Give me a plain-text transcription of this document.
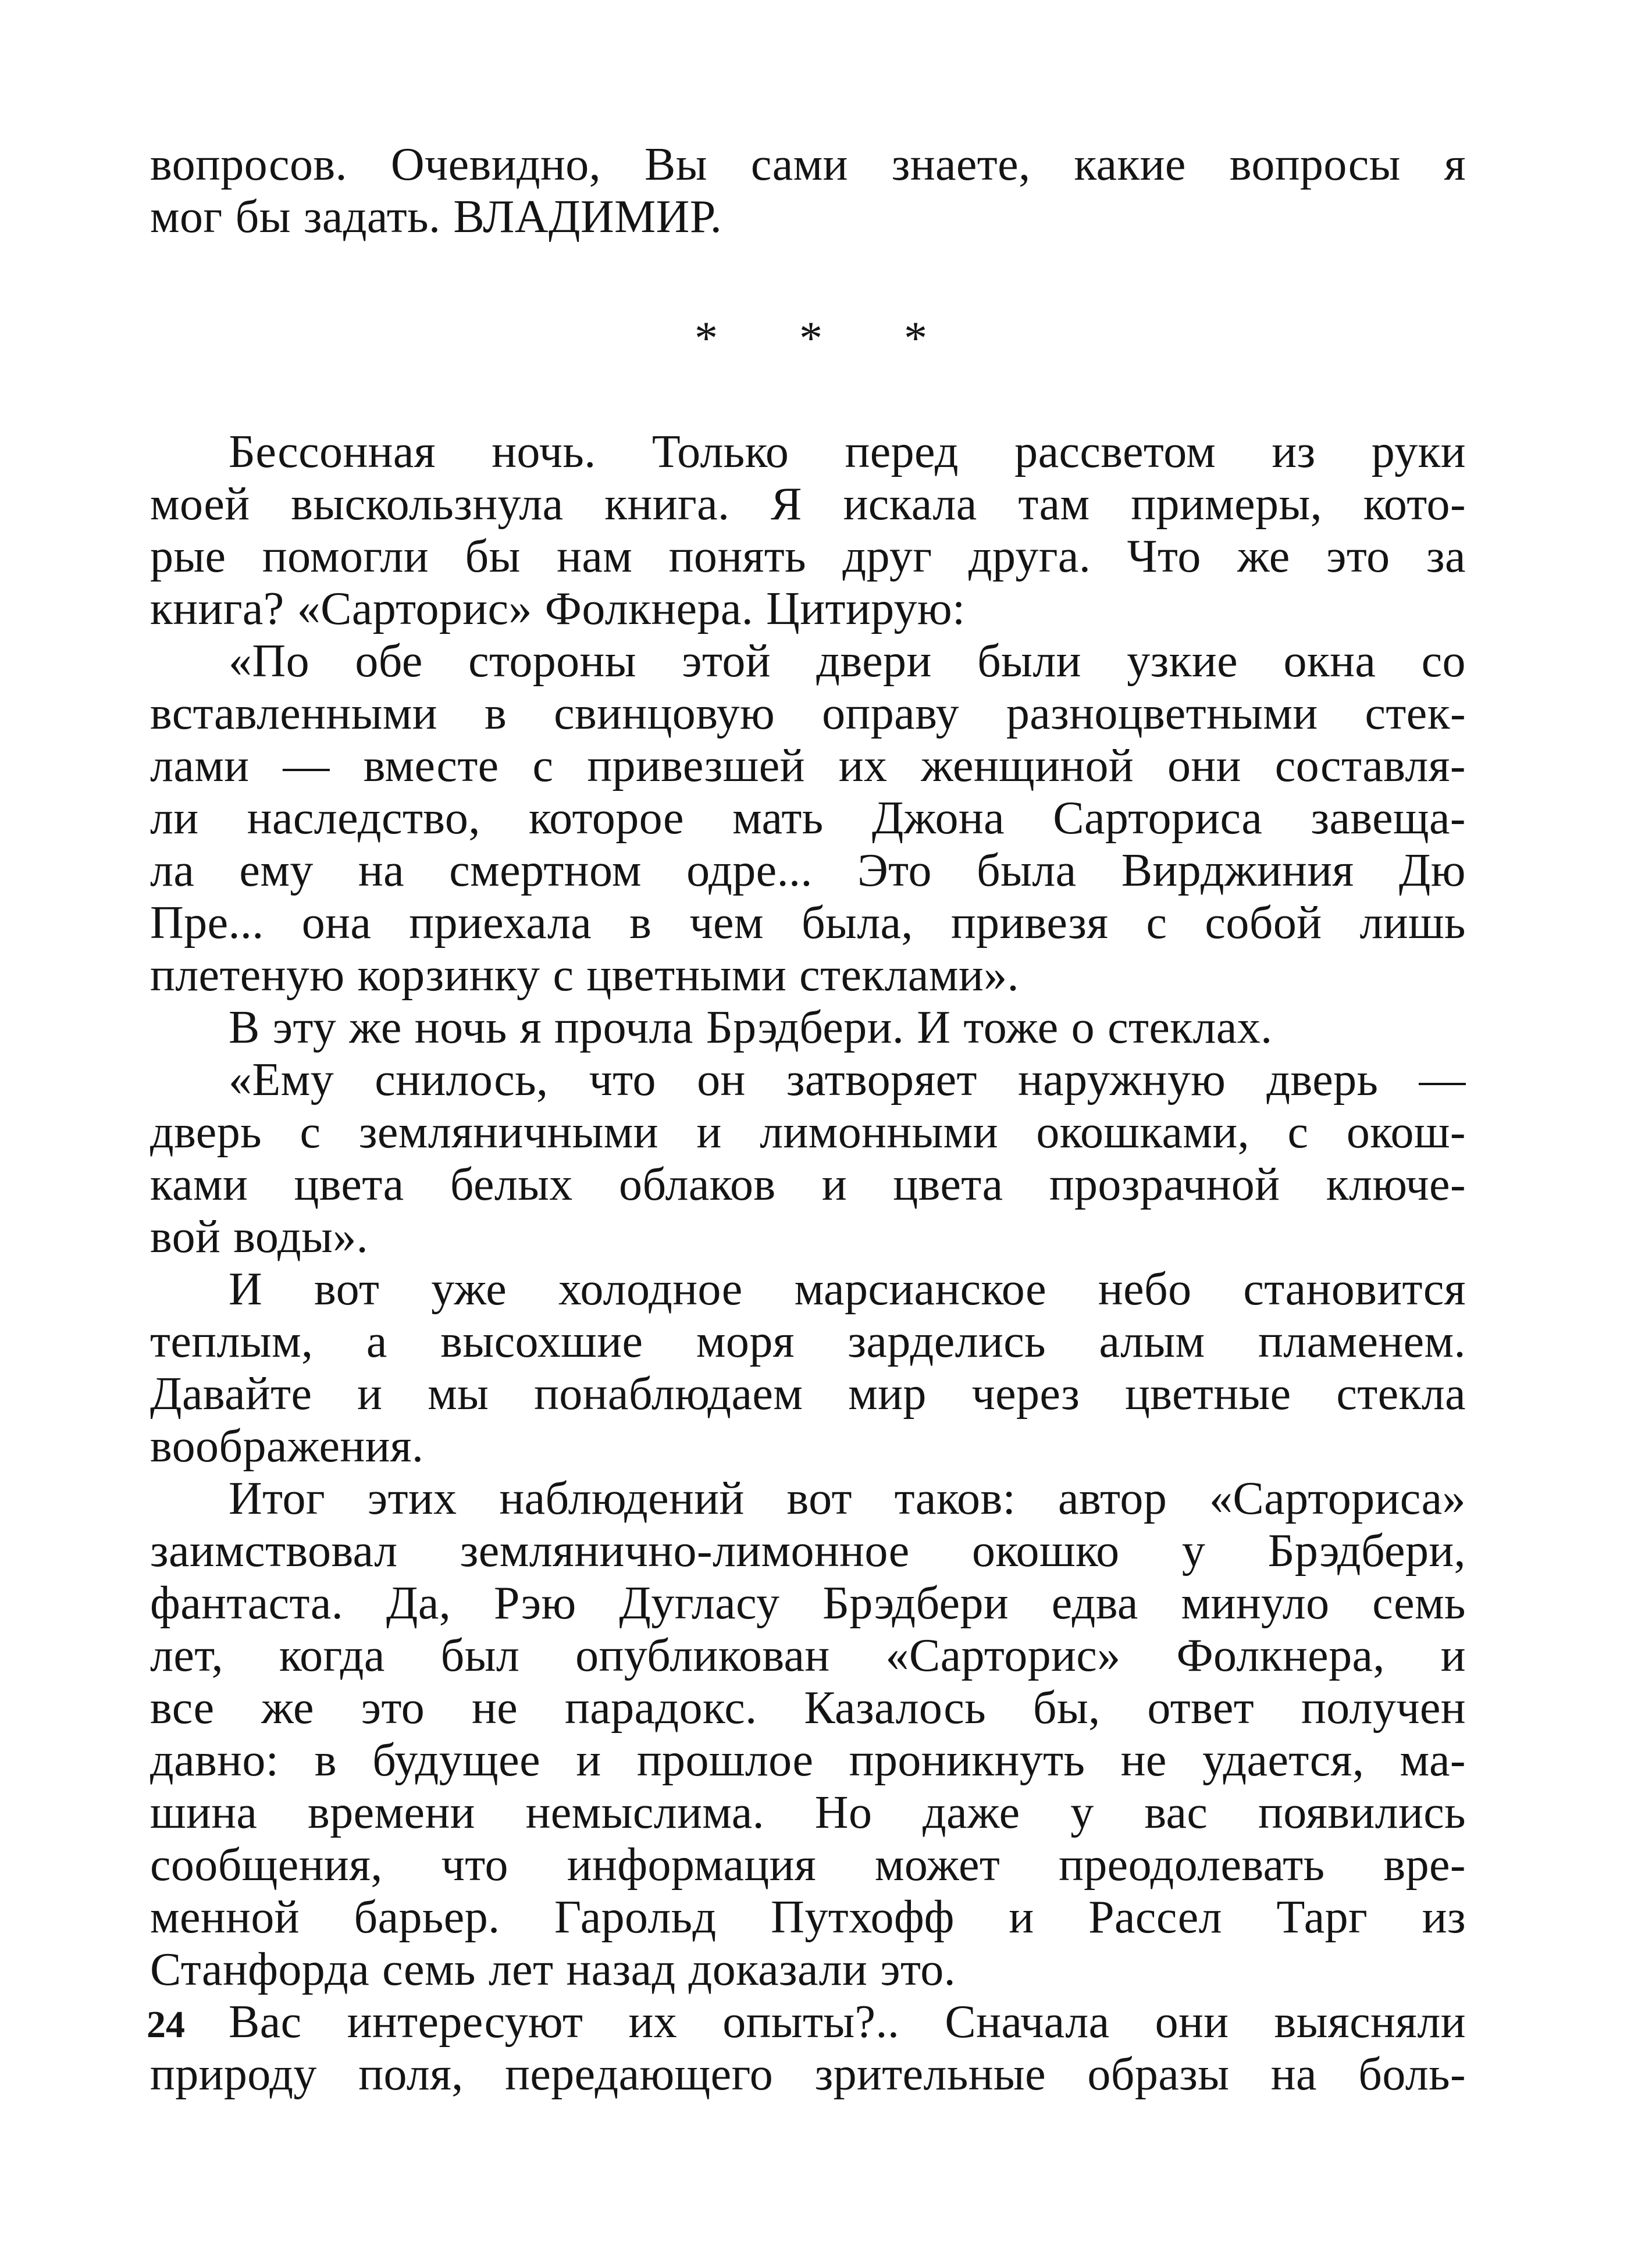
вопросов. Очевидно, Вы сами знаете, какие вопросы я
мог бы задать. ВЛАДИМИР.
* * *
Бессонная ночь. Только перед рассветом из руки
моей выскользнула книга. Я искала там примеры, кото-
рые помогли бы нам понять друг друга. Что же это за
книга? «Сарторис» Фолкнера. Цитирую:
«По обе стороны этой двери были узкие окна со
вставленными в свинцовую оправу разноцветными стек-
лами — вместе с привезшей их женщиной они составля-
ли наследство, которое мать Джона Сарториса завеща-
ла ему на смертном одре... Это была Вирджиния Дю
Пре... она приехала в чем была, привезя с собой лишь
плетеную корзинку с цветными стеклами».
В эту же ночь я прочла Брэдбери. И тоже о стеклах.
«Ему снилось, что он затворяет наружную дверь —
дверь с земляничными и лимонными окошками, с окош-
ками цвета белых облаков и цвета прозрачной ключе-
вой воды».
И вот уже холодное марсианское небо становится
теплым, а высохшие моря зарделись алым пламенем.
Давайте и мы понаблюдаем мир через цветные стекла
воображения.
Итог этих наблюдений вот таков: автор «Сарториса»
заимствовал землянично-лимонное окошко у Брэдбери,
фантаста. Да, Рэю Дугласу Брэдбери едва минуло семь
лет, когда был опубликован «Сарторис» Фолкнера, и
все же это не парадокс. Казалось бы, ответ получен
давно: в будущее и прошлое проникнуть не удается, ма-
шина времени немыслима. Но даже у вас появились
сообщения, что информация может преодолевать вре-
менной барьер. Гарольд Путхофф и Рассел Тарг из
Станфорда семь лет назад доказали это.
Вас интересуют их опыты?.. Сначала они выясняли
природу поля, передающего зрительные образы на боль-
24
